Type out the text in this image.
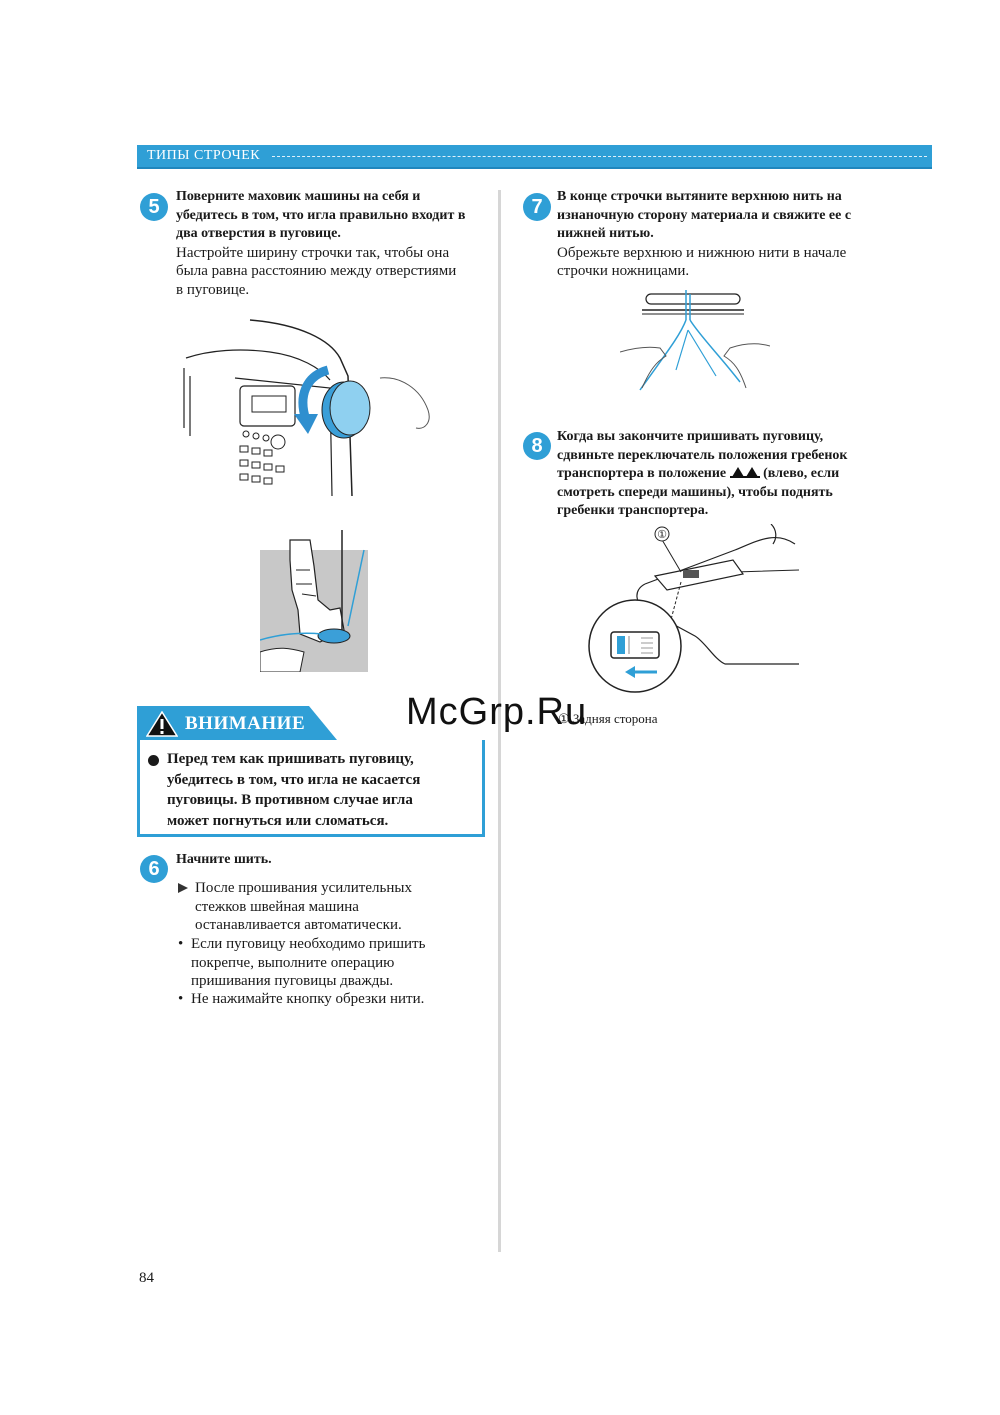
ТИПЫ СТРОЧЕК
5	Поверните маховик машины на себя и
убедитесь в том, что игла правильно входит в
два отверстия в пуговице.
Настройте ширину строчки так, чтобы она
была равна расстоянию между отверстиями
в пуговице.
ВНИМАНИЕ
Перед тем как пришивать пуговицу,
убедитесь в том, что игла не касается
пуговицы. В противном случае игла
может погнуться или сломаться.
6	Начните шить.
После прошивания усилительных
стежков швейная машина
останавливается автоматически.
• Если пуговицу необходимо пришить
покрепче, выполните операцию
пришивания пуговицы дважды.
• Не нажимайте кнопку обрезки нити.
7	В конце строчки вытяните верхнюю нить на
изнаночную сторону материала и свяжите ее с
нижней нитью.
Обрежьте верхнюю и нижнюю нити в начале
строчки ножницами.
8	Когда вы закончите пришивать пуговицу,
сдвиньте переключатель положения гребенок
транспортера в положение	(влево, если
смотреть спереди машины), чтобы поднять
гребенки транспортера.
①
① Задняя сторона
McGrp.Ru
84
